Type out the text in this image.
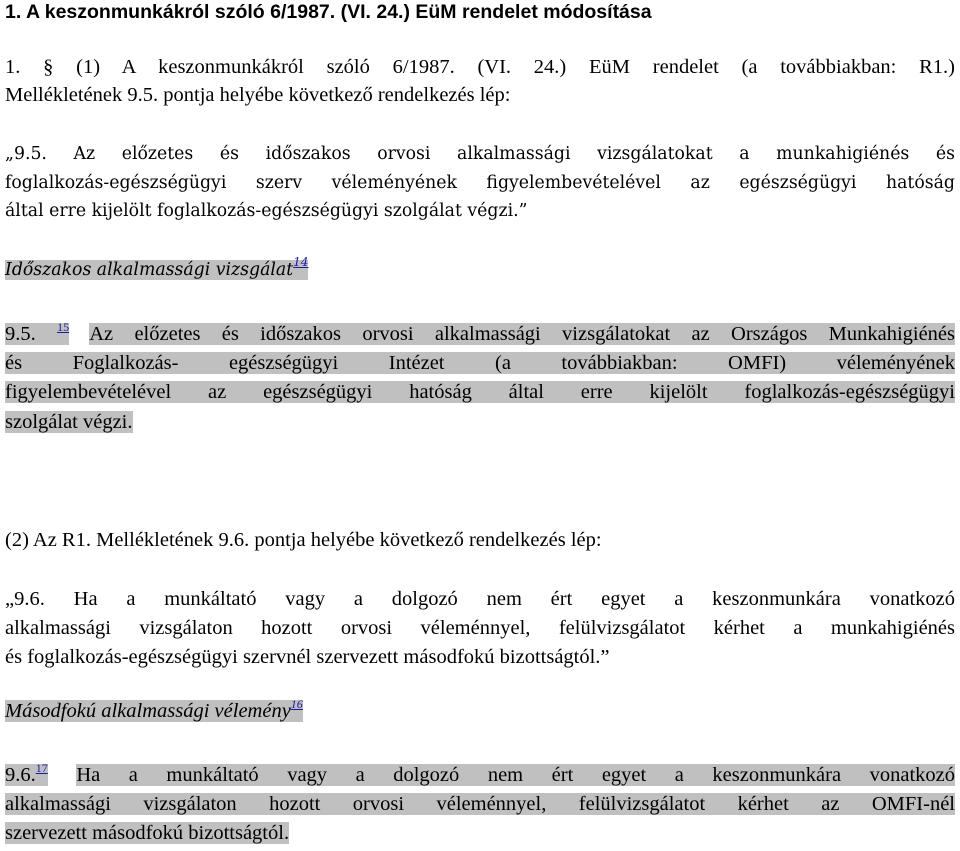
1. A keszonmunkákról szóló 6/1987. (VI. 24.) EüM rendelet módosítása

1. § (1) A keszonmunkákról szóló 6/1987. (VI. 24.) EüM rendelet (a továbbiakban: R1.)
Mellékletének 9.5. pontja helyébe következő rendelkezés lép:

„9.5. Az előzetes és időszakos orvosi alkalmassági vizsgálatokat a munkahigiénés és
foglalkozás-egészségügyi szerv véleményének figyelembevételével az egészségügyi hatóság
által erre kijelölt foglalkozás-egészségügyi szolgálat végzi.”

Időszakos alkalmassági vizsgálat$^{14}$

9.5. $^{15}$ Az előzetes és időszakos orvosi alkalmassági vizsgálatokat az Országos Munkahigiénés
és Foglalkozás- egészségügyi Intézet (a továbbiakban: OMFI) véleményének
figyelembevételével az egészségügyi hatóság által erre kijelölt foglalkozás-egészségügyi
szolgálat végzi.

(2) Az R1. Mellékletének 9.6. pontja helyébe következő rendelkezés lép:

„9.6. Ha a munkáltató vagy a dolgozó nem ért egyet a keszonmunkára vonatkozó
alkalmassági vizsgálaton hozott orvosi véleménnyel, felülvizsgálatot kérhet a munkahigiénés
és foglalkozás-egészségügyi szervnél szervezett másodfokú bizottságtól.”

Másodfokú alkalmassági vélemény$^{16}$

9.6.17 Ha a munkáltató vagy a dolgozó nem ért egyet a keszonmunkára vonatkozó
alkalmassági vizsgálaton hozott orvosi véleménnyel, felülvizsgálatot kérhet az OMFI-nél
szervezett másodfokú bizottságtól.
